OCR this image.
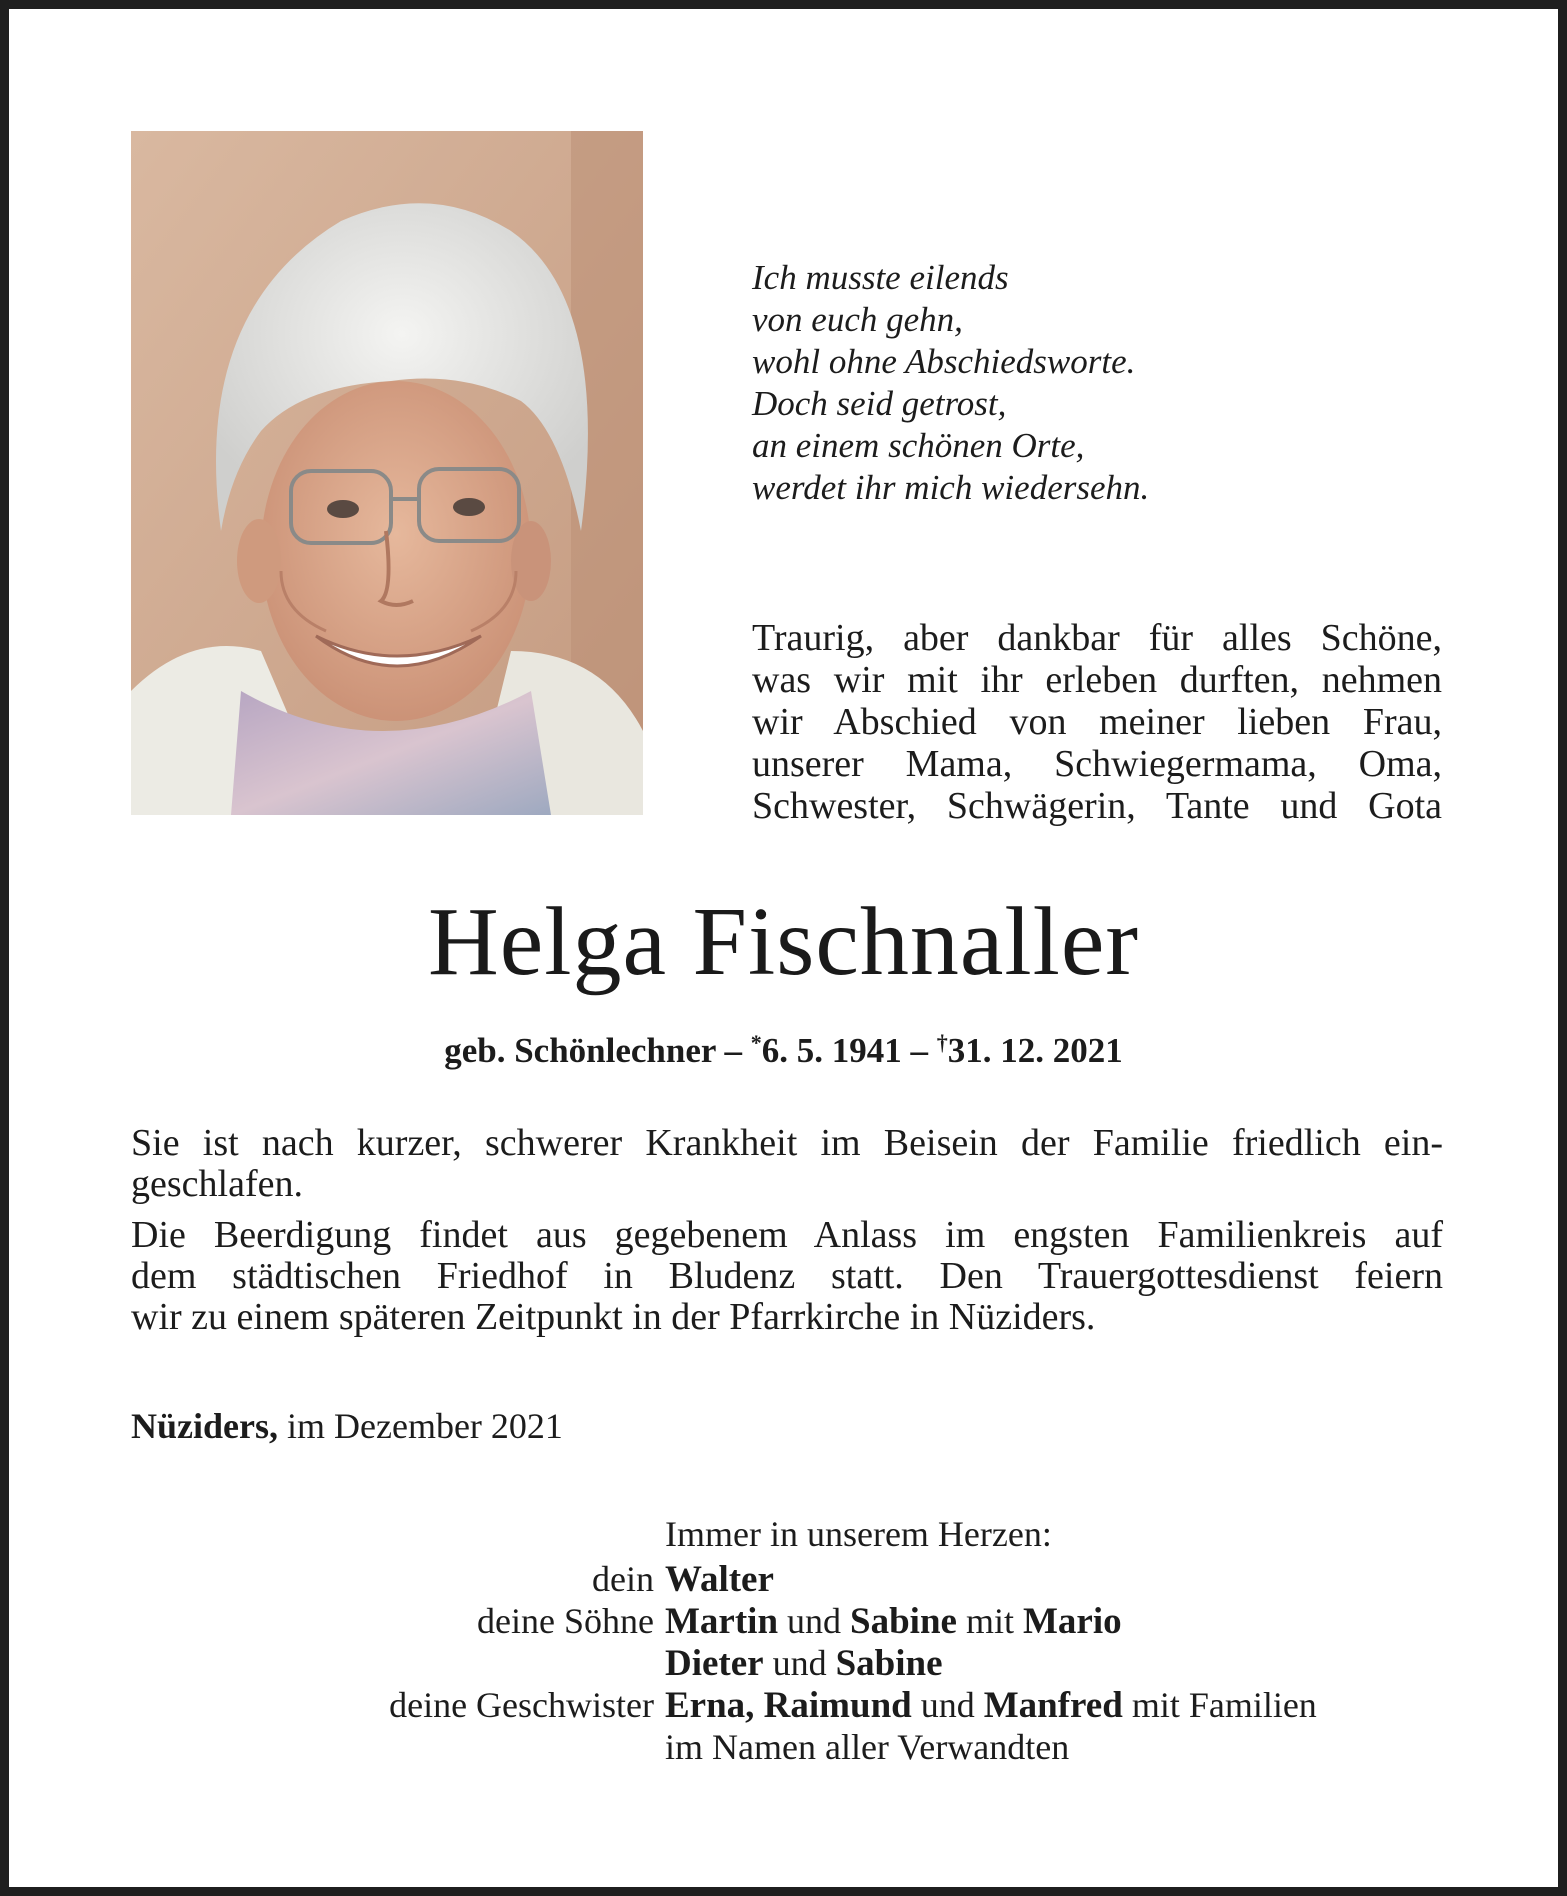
Ich musste eilends
von euch gehn,
wohl ohne Abschiedsworte.
Doch seid getrost,
an einem schönen Orte,
werdet ihr mich wiedersehn.
Traurig, aber dankbar für alles Schöne,
was wir mit ihr erleben durften, nehmen
wir Abschied von meiner lieben Frau,
unserer Mama, Schwiegermama, Oma,
Schwester, Schwägerin, Tante und Gota
Helga Fischnaller
geb. Schönlechner – *6. 5. 1941 – †31. 12. 2021
Sie ist nach kurzer, schwerer Krankheit im Beisein der Familie friedlich ein-
geschlafen.
Die Beerdigung findet aus gegebenem Anlass im engsten Familienkreis auf
dem städtischen Friedhof in Bludenz statt. Den Trauergottesdienst feiern
wir zu einem späteren Zeitpunkt in der Pfarrkirche in Nüziders.
Nüziders, im Dezember 2021
Immer in unserem Herzen:
dein Walter
deine Söhne Martin und Sabine mit Mario
Dieter und Sabine
deine Geschwister Erna, Raimund und Manfred mit Familien
im Namen aller Verwandten
